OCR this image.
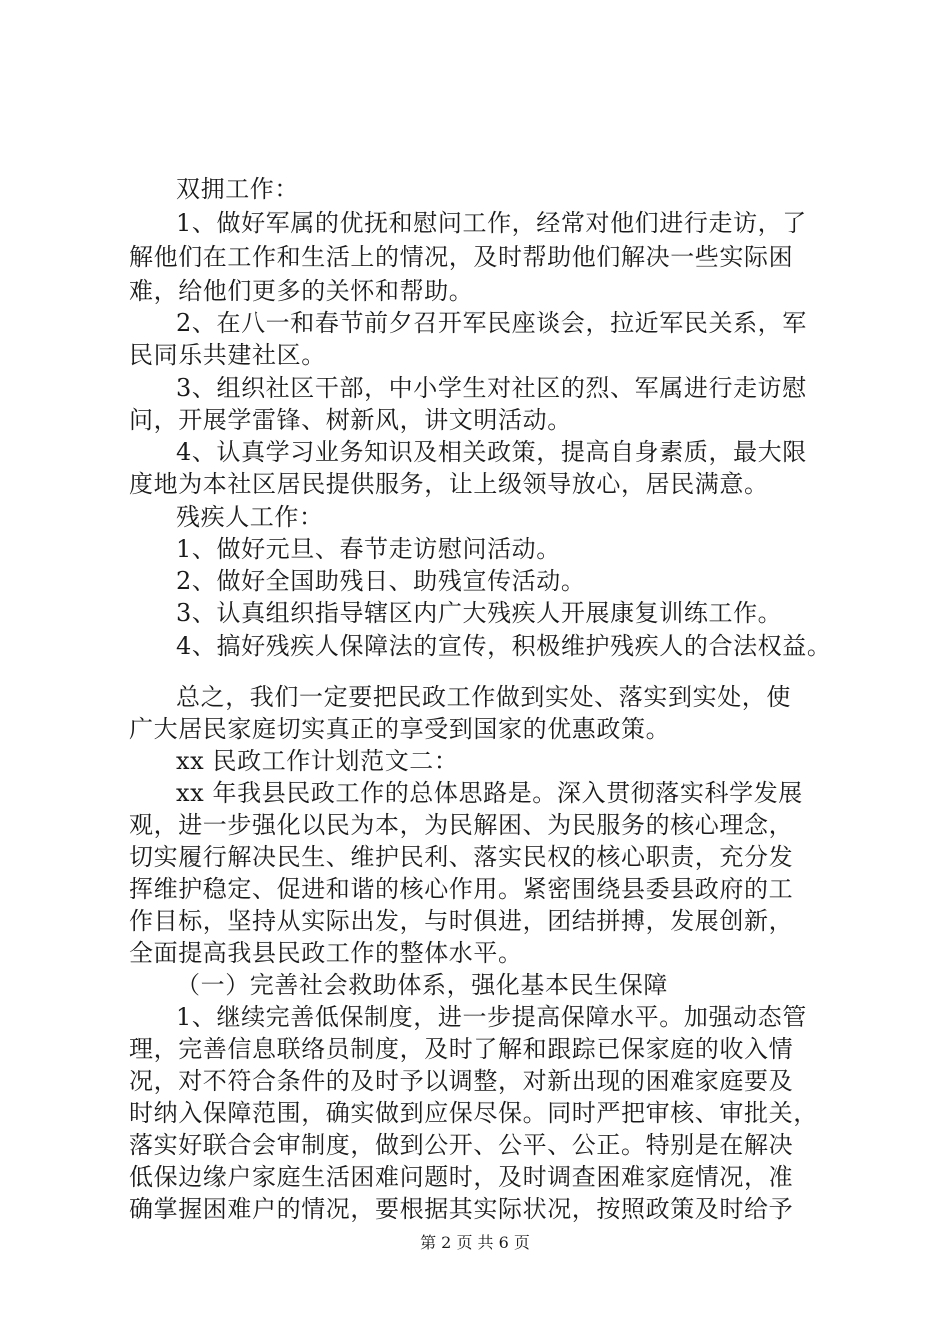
双拥工作：
1、做好军属的优抚和慰问工作，经常对他们进行走访，了
解他们在工作和生活上的情况，及时帮助他们解决一些实际困
难，给他们更多的关怀和帮助。
2、在八一和春节前夕召开军民座谈会，拉近军民关系，军
民同乐共建社区。
3、组织社区干部，中小学生对社区的烈、军属进行走访慰
问，开展学雷锋、树新风，讲文明活动。
4、认真学习业务知识及相关政策，提高自身素质，最大限
度地为本社区居民提供服务，让上级领导放心，居民满意。
残疾人工作：
1、做好元旦、春节走访慰问活动。
2、做好全国助残日、助残宣传活动。
3、认真组织指导辖区内广大残疾人开展康复训练工作。
4、搞好残疾人保障法的宣传，积极维护残疾人的合法权益。
总之，我们一定要把民政工作做到实处、落实到实处，使
广大居民家庭切实真正的享受到国家的优惠政策。
xx 民政工作计划范文二：
xx 年我县民政工作的总体思路是。深入贯彻落实科学发展
观，进一步强化以民为本，为民解困、为民服务的核心理念，
切实履行解决民生、维护民利、落实民权的核心职责，充分发
挥维护稳定、促进和谐的核心作用。紧密围绕县委县政府的工
作目标，坚持从实际出发，与时俱进，团结拼搏，发展创新，
全面提高我县民政工作的整体水平。
（一）完善社会救助体系，强化基本民生保障
1、继续完善低保制度，进一步提高保障水平。加强动态管
理，完善信息联络员制度，及时了解和跟踪已保家庭的收入情
况，对不符合条件的及时予以调整，对新出现的困难家庭要及
时纳入保障范围，确实做到应保尽保。同时严把审核、审批关，
落实好联合会审制度，做到公开、公平、公正。特别是在解决
低保边缘户家庭生活困难问题时，及时调查困难家庭情况，准
确掌握困难户的情况，要根据其实际状况，按照政策及时给予
第 2 页 共 6 页
